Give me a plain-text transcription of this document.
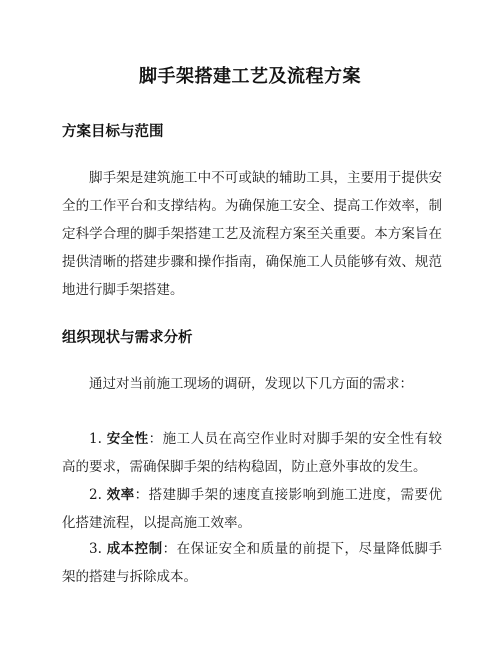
脚手架搭建工艺及流程方案
方案目标与范围

脚手架是建筑施工中不可或缺的辅助工具，主要用于提供安全的工作平台和支撑结构。为确保施工安全、提高工作效率，制定科学合理的脚手架搭建工艺及流程方案至关重要。本方案旨在提供清晰的搭建步骤和操作指南，确保施工人员能够有效、规范地进行脚手架搭建。

组织现状与需求分析

通过对当前施工现场的调研，发现以下几方面的需求：

1. 安全性：施工人员在高空作业时对脚手架的安全性有较高的要求，需确保脚手架的结构稳固，防止意外事故的发生。

2. 效率：搭建脚手架的速度直接影响到施工进度，需要优化搭建流程，以提高施工效率。

3. 成本控制：在保证安全和质量的前提下，尽量降低脚手架的搭建与拆除成本。
